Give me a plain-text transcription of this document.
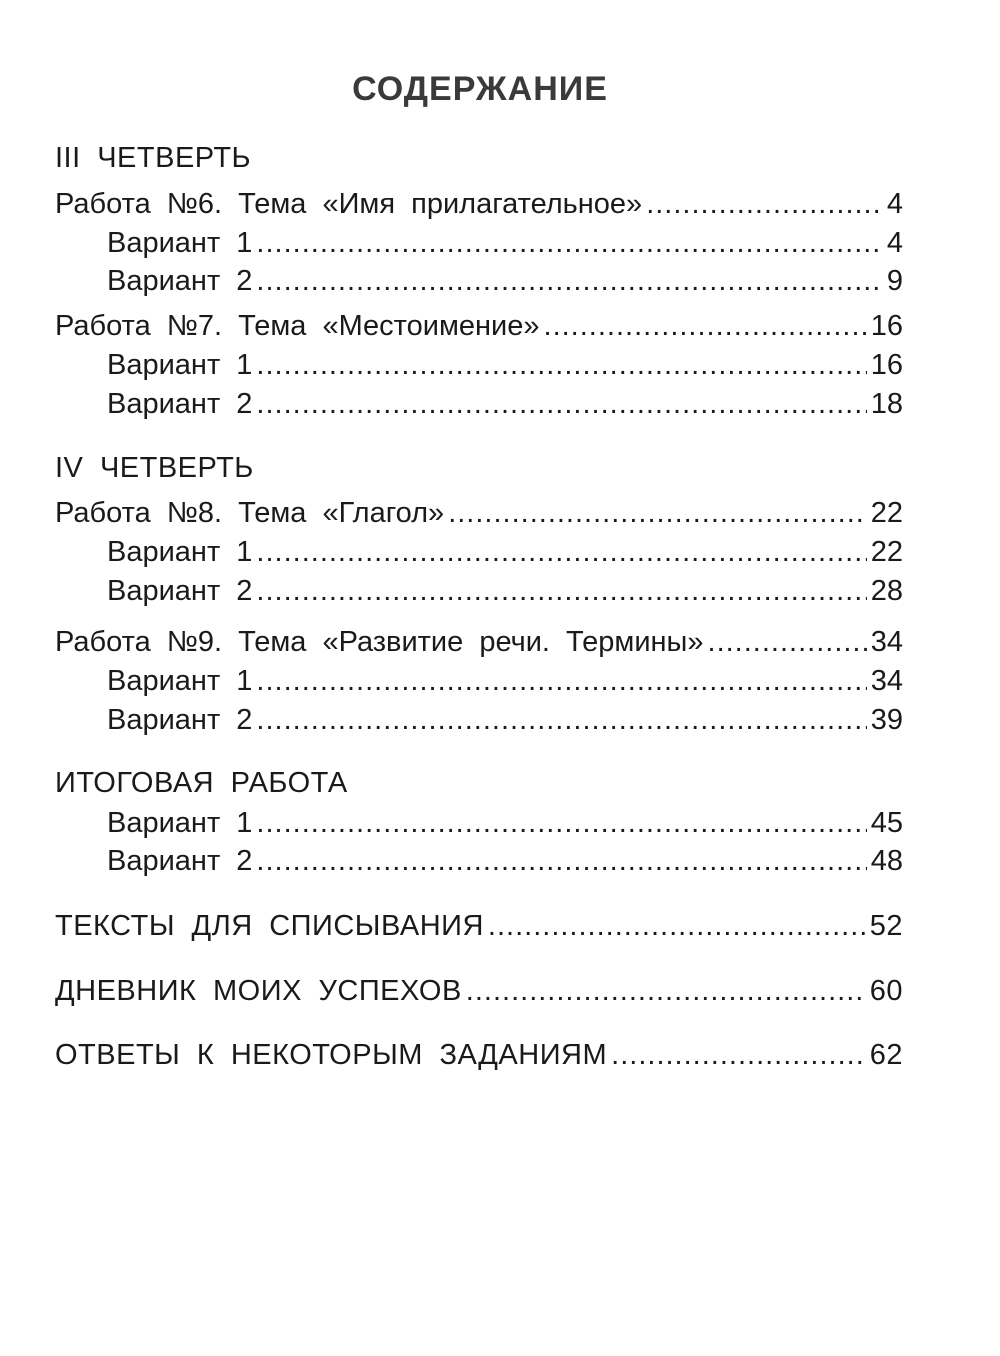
СОДЕРЖАНИЕ
III ЧЕТВЕРТЬ
Работа №6. Тема «Имя прилагательное» .....	4
Вариант 1 .....	4
Вариант 2 .....	9
Работа №7. Тема «Местоимение» .....	16
Вариант 1 .....	16
Вариант 2 .....	18
IV ЧЕТВЕРТЬ
Работа №8. Тема «Глагол» .....	22
Вариант 1 .....	22
Вариант 2 .....	28
Работа №9. Тема «Развитие речи. Термины» .....	34
Вариант 1 .....	34
Вариант 2 .....	39
ИТОГОВАЯ РАБОТА
Вариант 1 .....	45
Вариант 2 .....	48
ТЕКСТЫ ДЛЯ СПИСЫВАНИЯ .....	52
ДНЕВНИК МОИХ УСПЕХОВ .....	60
ОТВЕТЫ К НЕКОТОРЫМ ЗАДАНИЯМ .....	62
